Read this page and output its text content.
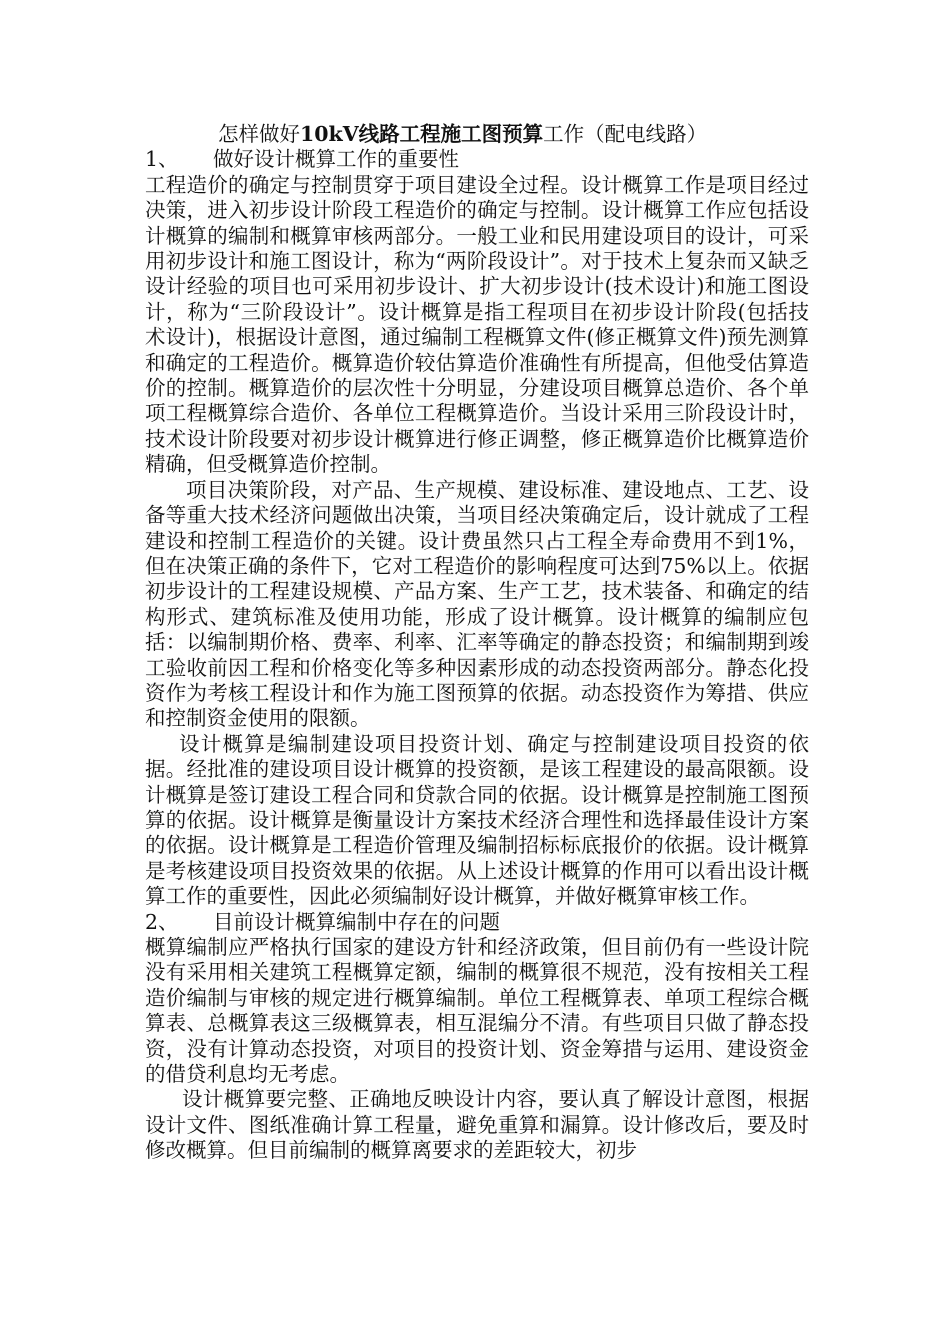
怎样做好10kV线路工程施工图预算工作（配电线路）
1、 做好设计概算工作的重要性

工程造价的确定与控制贯穿于项目建设全过程。设计概算工作是项目经过决策，进入初步设计阶段工程造价的确定与控制。设计概算工作应包括设计概算的编制和概算审核两部分。一般工业和民用建设项目的设计，可采用初步设计和施工图设计，称为“两阶段设计”。对于技术上复杂而又缺乏设计经验的项目也可采用初步设计、扩大初步设计(技术设计)和施工图设计，称为“三阶段设计”。设计概算是指工程项目在初步设计阶段(包括技术设计)，根据设计意图，通过编制工程概算文件(修正概算文件)预先测算和确定的工程造价。概算造价较估算造价准确性有所提高，但他受估算造价的控制。概算造价的层次性十分明显，分建设项目概算总造价、各个单项工程概算综合造价、各单位工程概算造价。当设计采用三阶段设计时，技术设计阶段要对初步设计概算进行修正调整，修正概算造价比概算造价精确，但受概算造价控制。

项目决策阶段，对产品、生产规模、建设标准、建设地点、工艺、设备等重大技术经济问题做出决策，当项目经决策确定后，设计就成了工程建设和控制工程造价的关键。设计费虽然只占工程全寿命费用不到1%，但在决策正确的条件下，它对工程造价的影响程度可达到75%以上。依据初步设计的工程建设规模、产品方案、生产工艺，技术装备、和确定的结构形式、建筑标准及使用功能，形成了设计概算。设计概算的编制应包括：以编制期价格、费率、利率、汇率等确定的静态投资；和编制期到竣工验收前因工程和价格变化等多种因素形成的动态投资两部分。静态化投资作为考核工程设计和作为施工图预算的依据。动态投资作为筹措、供应和控制资金使用的限额。

设计概算是编制建设项目投资计划、确定与控制建设项目投资的依据。经批准的建设项目设计概算的投资额，是该工程建设的最高限额。设计概算是签订建设工程合同和贷款合同的依据。设计概算是控制施工图预算的依据。设计概算是衡量设计方案技术经济合理性和选择最佳设计方案的依据。设计概算是工程造价管理及编制招标标底报价的依据。设计概算是考核建设项目投资效果的依据。从上述设计概算的作用可以看出设计概算工作的重要性，因此必须编制好设计概算，并做好概算审核工作。

2、 目前设计概算编制中存在的问题

概算编制应严格执行国家的建设方针和经济政策，但目前仍有一些设计院没有采用相关建筑工程概算定额，编制的概算很不规范，没有按相关工程造价编制与审核的规定进行概算编制。单位工程概算表、单项工程综合概算表、总概算表这三级概算表，相互混编分不清。有些项目只做了静态投资，没有计算动态投资，对项目的投资计划、资金筹措与运用、建设资金的借贷利息均无考虑。

设计概算要完整、正确地反映设计内容，要认真了解设计意图，根据设计文件、图纸准确计算工程量，避免重算和漏算。设计修改后，要及时修改概算。但目前编制的概算离要求的差距较大，初步
